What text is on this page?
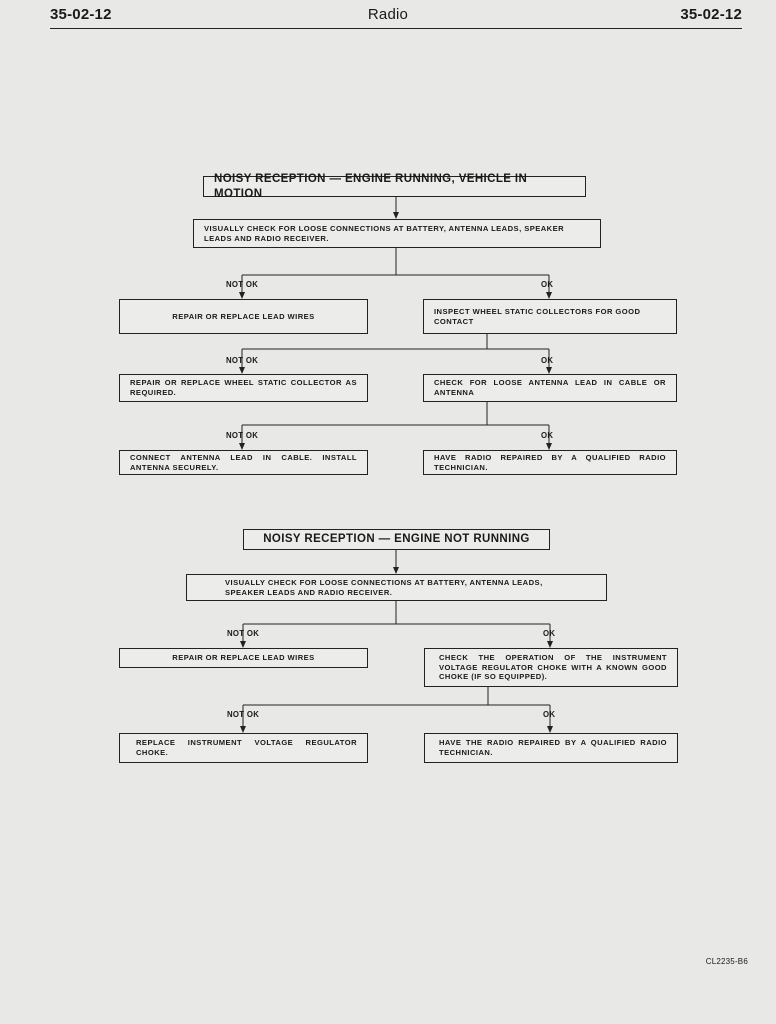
35-02-12	Radio	35-02-12
NOISY RECEPTION — ENGINE RUNNING, VEHICLE IN MOTION
VISUALLY CHECK FOR LOOSE CONNECTIONS AT BATTERY, ANTENNA LEADS, SPEAKER LEADS AND RADIO RECEIVER.
NOT OK	OK
REPAIR OR REPLACE LEAD WIRES
INSPECT WHEEL STATIC COLLECTORS FOR GOOD CONTACT
NOT OK	OK
REPAIR OR REPLACE WHEEL STATIC COLLECTOR AS REQUIRED.
CHECK FOR LOOSE ANTENNA LEAD IN CABLE OR ANTENNA
NOT OK	OK
CONNECT ANTENNA LEAD IN CABLE. INSTALL ANTENNA SECURELY.
HAVE RADIO REPAIRED BY A QUALIFIED RADIO TECHNICIAN.
NOISY RECEPTION — ENGINE NOT RUNNING
VISUALLY CHECK FOR LOOSE CONNECTIONS AT BATTERY, ANTENNA LEADS, SPEAKER LEADS AND RADIO RECEIVER.
NOT OK	OK
REPAIR OR REPLACE LEAD WIRES	CHECK THE OPERATION OF THE INSTRUMENT VOLTAGE REGULATOR CHOKE WITH A KNOWN GOOD CHOKE (IF SO EQUIPPED).
NOT OK	OK
REPLACE INSTRUMENT VOLTAGE REGULATOR CHOKE.
HAVE THE RADIO REPAIRED BY A QUALIFIED RADIO TECHNICIAN.
CL2235-B6
